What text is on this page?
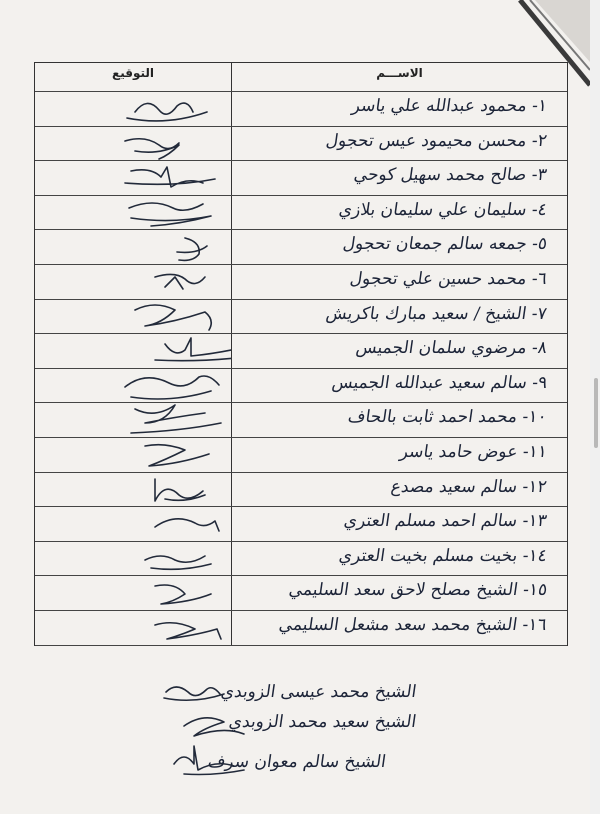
التوقيع	الاســـم
١- محمود عبدالله علي ياسر
٢- محسن محيمود عيس تحجول
٣- صالح محمد سهيل كوحي
٤- سليمان علي سليمان بلازي
٥- جمعه سالم جمعان تحجول
٦- محمد حسين علي تحجول
٧- الشيخ / سعيد مبارك باكريش
٨- مرضوي سلمان الجميس
٩- سالم سعيد عبدالله الجميس
١٠- محمد احمد ثابت بالحاف
١١- عوض حامد ياسر
١٢- سالم سعيد مصدع
١٣- سالم احمد مسلم العتري
١٤- بخيت مسلم بخيت العتري
١٥- الشيخ مصلح لاحق سعد السليمي
١٦- الشيخ محمد سعد مشعل السليمي
الشيخ محمد عيسى الزوبدي
الشيخ سعيد محمد الزوبدي
الشيخ سالم معوان سرف
